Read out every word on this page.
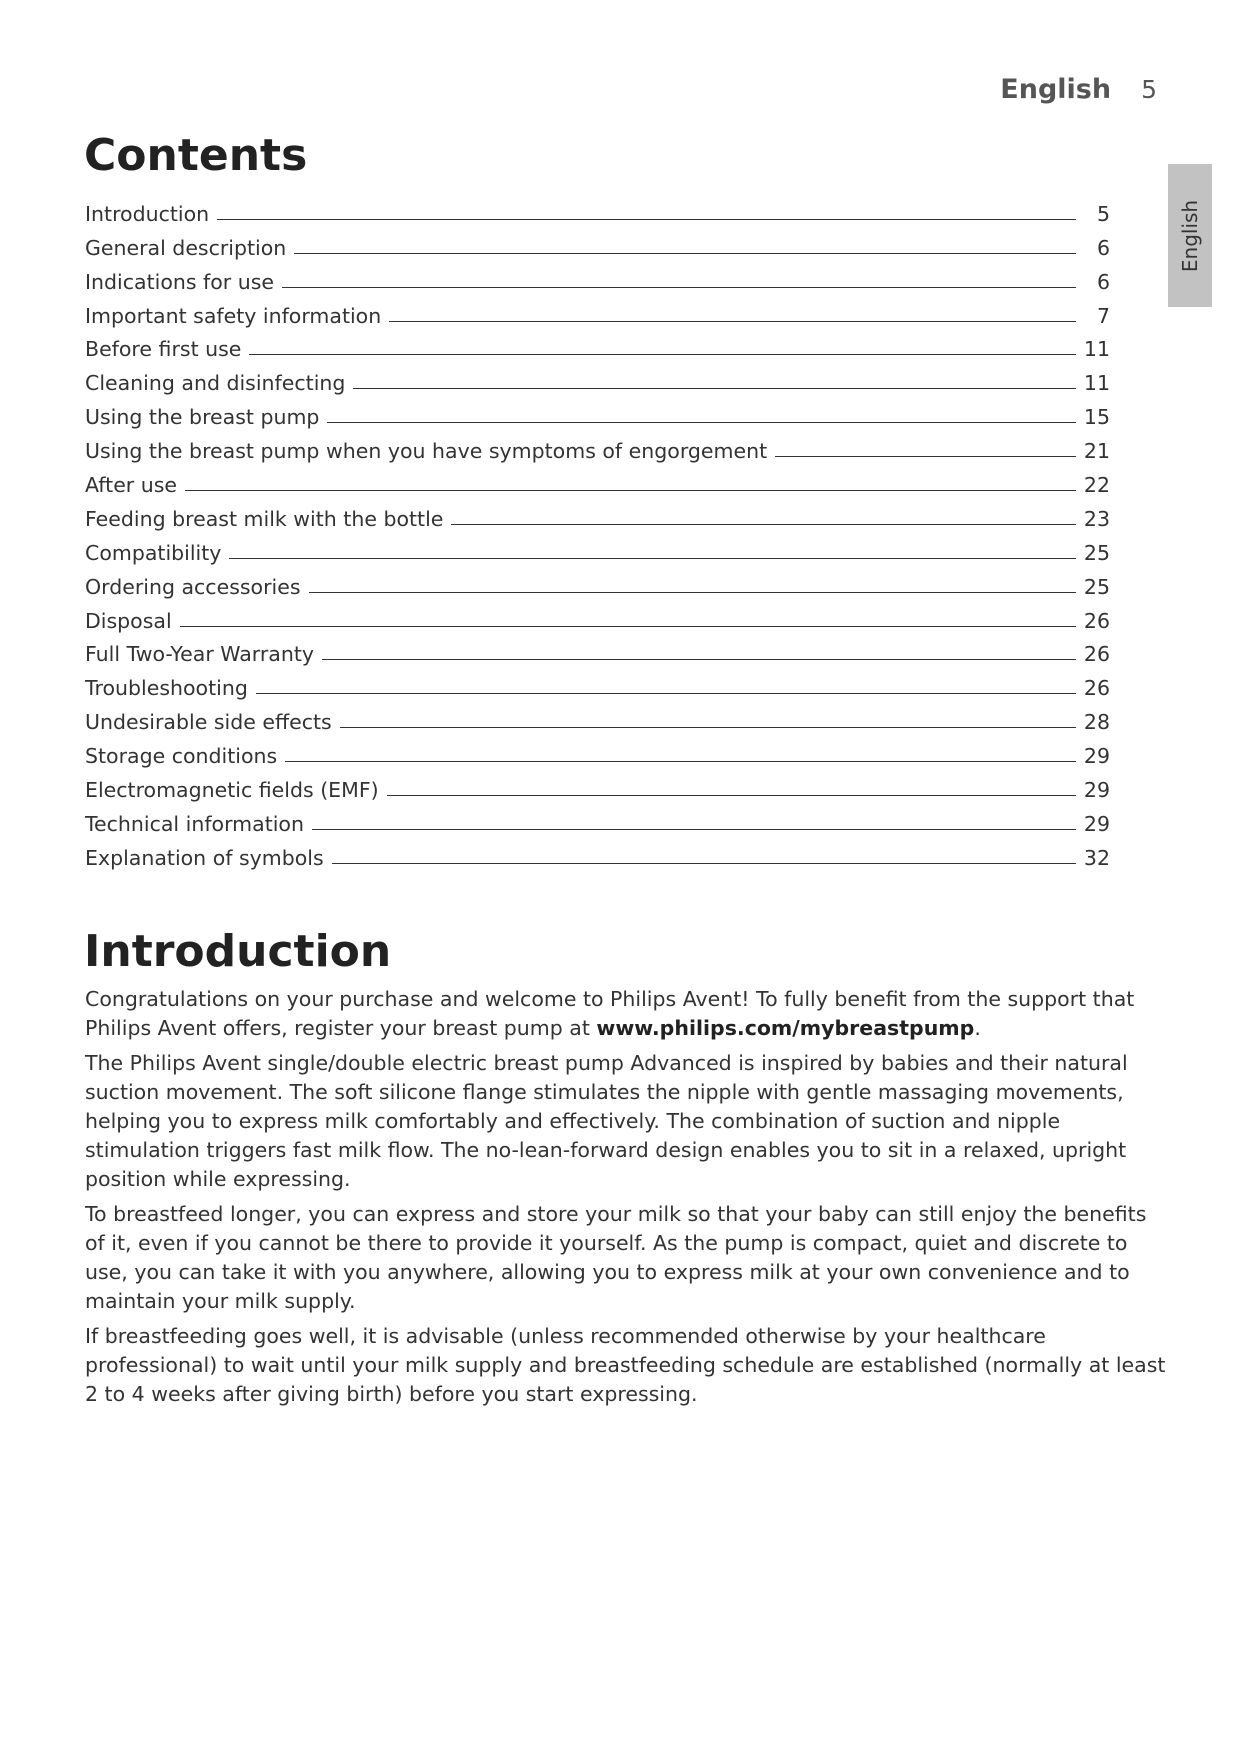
English 5
English
Contents
Introduction	5
General description	6
Indications for use	6
Important safety information	7
Before first use	11
Cleaning and disinfecting	11
Using the breast pump	15
Using the breast pump when you have symptoms of engorgement	21
After use	22
Feeding breast milk with the bottle	23
Compatibility	25
Ordering accessories	25
Disposal	26
Full Two-Year Warranty	26
Troubleshooting	26
Undesirable side effects	28
Storage conditions	29
Electromagnetic fields (EMF)	29
Technical information	29
Explanation of symbols	32
Introduction

Congratulations on your purchase and welcome to Philips Avent! To fully benefit from the support that Philips Avent offers, register your breast pump at www.philips.com/mybreastpump.

The Philips Avent single/double electric breast pump Advanced is inspired by babies and their natural suction movement. The soft silicone flange stimulates the nipple with gentle massaging movements, helping you to express milk comfortably and effectively. The combination of suction and nipple stimulation triggers fast milk flow. The no-lean-forward design enables you to sit in a relaxed, upright position while expressing.

To breastfeed longer, you can express and store your milk so that your baby can still enjoy the benefits of it, even if you cannot be there to provide it yourself. As the pump is compact, quiet and discrete to use, you can take it with you anywhere, allowing you to express milk at your own convenience and to maintain your milk supply.

If breastfeeding goes well, it is advisable (unless recommended otherwise by your healthcare professional) to wait until your milk supply and breastfeeding schedule are established (normally at least 2 to 4 weeks after giving birth) before you start expressing.
